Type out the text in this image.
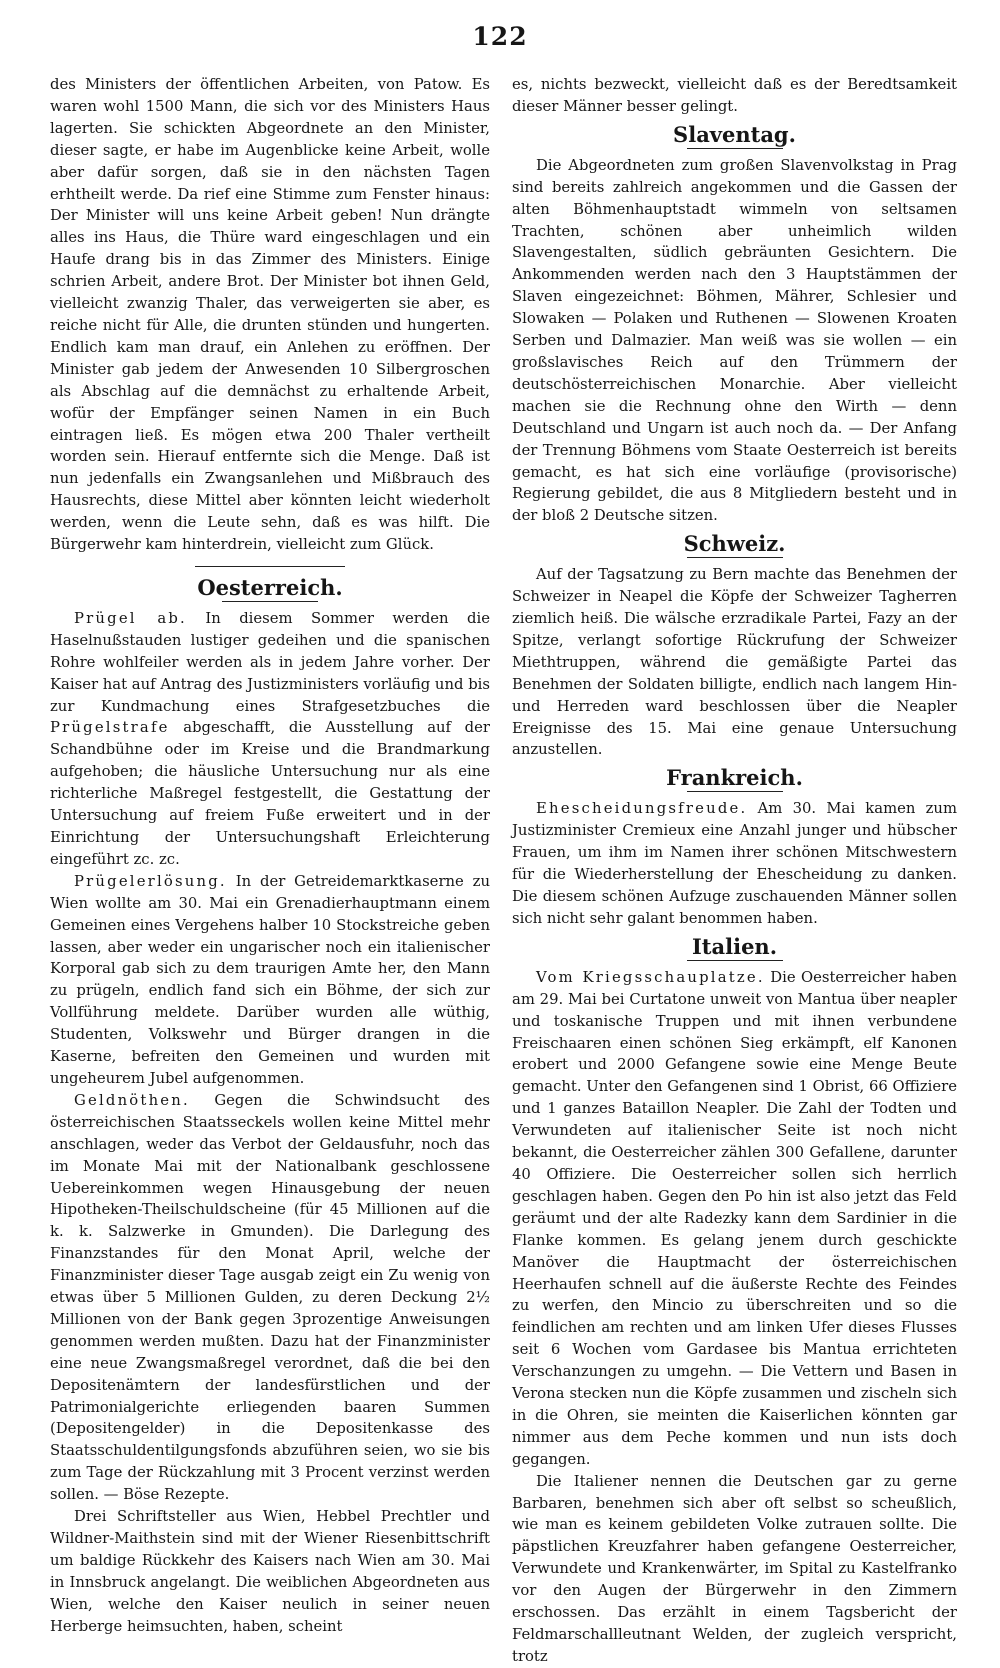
122

des Ministers der öffentlichen Arbeiten, von Patow. Es waren wohl 1500 Mann, die sich vor des Ministers Haus lagerten. Sie schickten Abgeordnete an den Minister, dieser sagte, er habe im Augenblicke keine Arbeit, wolle aber dafür sorgen, daß sie in den nächsten Tagen erhtheilt werde. Da rief eine Stimme zum Fenster hinaus: Der Minister will uns keine Arbeit geben! Nun drängte alles ins Haus, die Thüre ward eingeschlagen und ein Haufe drang bis in das Zimmer des Ministers. Einige schrien Arbeit, andere Brot. Der Minister bot ihnen Geld, vielleicht zwanzig Thaler, das verweigerten sie aber, es reiche nicht für Alle, die drunten stünden und hungerten. Endlich kam man drauf, ein Anlehen zu eröffnen. Der Minister gab jedem der Anwesenden 10 Silbergroschen als Abschlag auf die demnächst zu erhaltende Arbeit, wofür der Empfänger seinen Namen in ein Buch eintragen ließ. Es mögen etwa 200 Thaler vertheilt worden sein. Hierauf entfernte sich die Menge. Daß ist nun jedenfalls ein Zwangsanlehen und Mißbrauch des Hausrechts, diese Mittel aber könnten leicht wiederholt werden, wenn die Leute sehn, daß es was hilft. Die Bürgerwehr kam hinterdrein, vielleicht zum Glück.

Oesterreich.

Prügel ab. In diesem Sommer werden die Haselnußstauden lustiger gedeihen und die spanischen Rohre wohlfeiler werden als in jedem Jahre vorher. Der Kaiser hat auf Antrag des Justizministers vorläufig und bis zur Kundmachung eines Strafgesetzbuches die Prügelstrafe abgeschafft, die Ausstellung auf der Schandbühne oder im Kreise und die Brandmarkung aufgehoben; die häusliche Untersuchung nur als eine richterliche Maßregel festgestellt, die Gestattung der Untersuchung auf freiem Fuße erweitert und in der Einrichtung der Untersuchungshaft Erleichterung eingeführt zc. zc.

Prügelerlösung. In der Getreidemarktkaserne zu Wien wollte am 30. Mai ein Grenadierhauptmann einem Gemeinen eines Vergehens halber 10 Stockstreiche geben lassen, aber weder ein ungarischer noch ein italienischer Korporal gab sich zu dem traurigen Amte her, den Mann zu prügeln, endlich fand sich ein Böhme, der sich zur Vollführung meldete. Darüber wurden alle wüthig, Studenten, Volkswehr und Bürger drangen in die Kaserne, befreiten den Gemeinen und wurden mit ungeheurem Jubel aufgenommen.

Geldnöthen. Gegen die Schwindsucht des österreichischen Staatsseckels wollen keine Mittel mehr anschlagen, weder das Verbot der Geldausfuhr, noch das im Monate Mai mit der Nationalbank geschlossene Uebereinkommen wegen Hinausgebung der neuen Hipotheken-Theilschuldscheine (für 45 Millionen auf die k. k. Salzwerke in Gmunden). Die Darlegung des Finanzstandes für den Monat April, welche der Finanzminister dieser Tage ausgab zeigt ein Zu wenig von etwas über 5 Millionen Gulden, zu deren Deckung 2½ Millionen von der Bank gegen 3prozentige Anweisungen genommen werden mußten. Dazu hat der Finanzminister eine neue Zwangsmaßregel verordnet, daß die bei den Depositenämtern der landesfürstlichen und der Patrimonialgerichte erliegenden baaren Summen (Depositengelder) in die Depositenkasse des Staatsschuldentilgungsfonds abzuführen seien, wo sie bis zum Tage der Rückzahlung mit 3 Procent verzinst werden sollen. — Böse Rezepte.

Drei Schriftsteller aus Wien, Hebbel Prechtler und Wildner-Maithstein sind mit der Wiener Riesenbittschrift um baldige Rückkehr des Kaisers nach Wien am 30. Mai in Innsbruck angelangt. Die weiblichen Abgeordneten aus Wien, welche den Kaiser neulich in seiner neuen Herberge heimsuchten, haben, scheint

es, nichts bezweckt, vielleicht daß es der Beredtsamkeit dieser Männer besser gelingt.

Slaventag.

Die Abgeordneten zum großen Slavenvolkstag in Prag sind bereits zahlreich angekommen und die Gassen der alten Böhmenhauptstadt wimmeln von seltsamen Trachten, schönen aber unheimlich wilden Slavengestalten, südlich gebräunten Gesichtern. Die Ankommenden werden nach den 3 Hauptstämmen der Slaven eingezeichnet: Böhmen, Mährer, Schlesier und Slowaken — Polaken und Ruthenen — Slowenen Kroaten Serben und Dalmazier. Man weiß was sie wollen — ein großslavisches Reich auf den Trümmern der deutschösterreichischen Monarchie. Aber vielleicht machen sie die Rechnung ohne den Wirth — denn Deutschland und Ungarn ist auch noch da. — Der Anfang der Trennung Böhmens vom Staate Oesterreich ist bereits gemacht, es hat sich eine vorläufige (provisorische) Regierung gebildet, die aus 8 Mitgliedern besteht und in der bloß 2 Deutsche sitzen.

Schweiz.

Auf der Tagsatzung zu Bern machte das Benehmen der Schweizer in Neapel die Köpfe der Schweizer Tagherren ziemlich heiß. Die wälsche erzradikale Partei, Fazy an der Spitze, verlangt sofortige Rückrufung der Schweizer Miethtruppen, während die gemäßigte Partei das Benehmen der Soldaten billigte, endlich nach langem Hin- und Herreden ward beschlossen über die Neapler Ereignisse des 15. Mai eine genaue Untersuchung anzustellen.

Frankreich.

Ehescheidungsfreude. Am 30. Mai kamen zum Justizminister Cremieux eine Anzahl junger und hübscher Frauen, um ihm im Namen ihrer schönen Mitschwestern für die Wiederherstellung der Ehescheidung zu danken. Die diesem schönen Aufzuge zuschauenden Männer sollen sich nicht sehr galant benommen haben.

Italien.

Vom Kriegsschauplatze. Die Oesterreicher haben am 29. Mai bei Curtatone unweit von Mantua über neapler und toskanische Truppen und mit ihnen verbundene Freischaaren einen schönen Sieg erkämpft, elf Kanonen erobert und 2000 Gefangene sowie eine Menge Beute gemacht. Unter den Gefangenen sind 1 Obrist, 66 Offiziere und 1 ganzes Bataillon Neapler. Die Zahl der Todten und Verwundeten auf italienischer Seite ist noch nicht bekannt, die Oesterreicher zählen 300 Gefallene, darunter 40 Offiziere. Die Oesterreicher sollen sich herrlich geschlagen haben. Gegen den Po hin ist also jetzt das Feld geräumt und der alte Radezky kann dem Sardinier in die Flanke kommen. Es gelang jenem durch geschickte Manöver die Hauptmacht der österreichischen Heerhaufen schnell auf die äußerste Rechte des Feindes zu werfen, den Mincio zu überschreiten und so die feindlichen am rechten und am linken Ufer dieses Flusses seit 6 Wochen vom Gardasee bis Mantua errichteten Verschanzungen zu umgehn. — Die Vettern und Basen in Verona stecken nun die Köpfe zusammen und zischeln sich in die Ohren, sie meinten die Kaiserlichen könnten gar nimmer aus dem Peche kommen und nun ists doch gegangen.

Die Italiener nennen die Deutschen gar zu gerne Barbaren, benehmen sich aber oft selbst so scheußlich, wie man es keinem gebildeten Volke zutrauen sollte. Die päpstlichen Kreuzfahrer haben gefangene Oesterreicher, Verwundete und Krankenwärter, im Spital zu Kastelfranko vor den Augen der Bürgerwehr in den Zimmern erschossen. Das erzählt in einem Tagsbericht der Feldmarschallleutnant Welden, der zugleich verspricht, trotz
